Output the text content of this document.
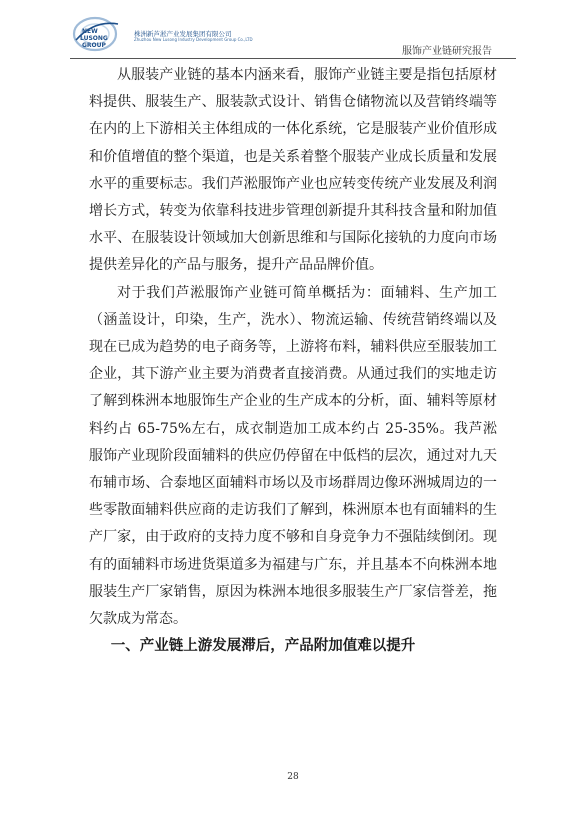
NEW
LUSONG
GROUP
株洲新芦淞产业发展集团有限公司
Zhuzhou New Lusong Industry Development Group Co.,LTD
服饰产业链研究报告

从服装产业链的基本内涵来看，服饰产业链主要是指包括原材料提供、服装生产、服装款式设计、销售仓储物流以及营销终端等在内的上下游相关主体组成的一体化系统，它是服装产业价值形成和价值增值的整个渠道，也是关系着整个服装产业成长质量和发展水平的重要标志。我们芦淞服饰产业也应转变传统产业发展及利润增长方式，转变为依靠科技进步管理创新提升其科技含量和附加值水平、在服装设计领域加大创新思维和与国际化接轨的力度向市场提供差异化的产品与服务，提升产品品牌价值。

对于我们芦淞服饰产业链可简单概括为：面辅料、生产加工（涵盖设计，印染，生产，洗水）、物流运输、传统营销终端以及现在已成为趋势的电子商务等，上游将布料，辅料供应至服装加工企业，其下游产业主要为消费者直接消费。从通过我们的实地走访了解到株洲本地服饰生产企业的生产成本的分析，面、辅料等原材料约占 65-75%左右，成衣制造加工成本约占 25-35%。我芦淞服饰产业现阶段面辅料的供应仍停留在中低档的层次，通过对九天布辅市场、合泰地区面辅料市场以及市场群周边像环洲城周边的一些零散面辅料供应商的走访我们了解到，株洲原本也有面辅料的生产厂家，由于政府的支持力度不够和自身竞争力不强陆续倒闭。现有的面辅料市场进货渠道多为福建与广东，并且基本不向株洲本地服装生产厂家销售，原因为株洲本地很多服装生产厂家信誉差，拖欠款成为常态。

一、产业链上游发展滞后，产品附加值难以提升
28
